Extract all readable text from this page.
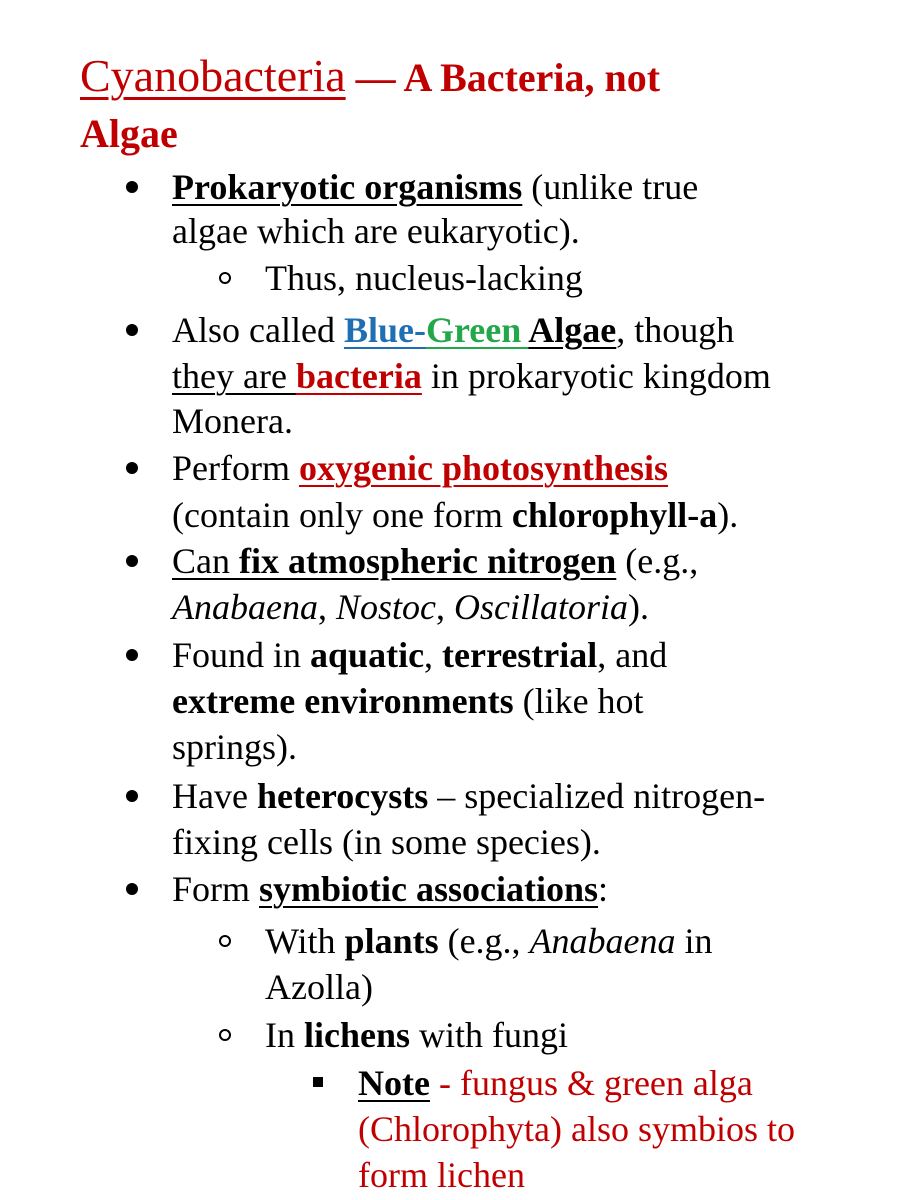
Cyanobacteria — A Bacteria, not
Algae
Prokaryotic organisms (unlike true
algae which are eukaryotic).
Thus, nucleus-lacking
Also called Blue-Green Algae, though
they are bacteria in prokaryotic kingdom
Monera.
Perform oxygenic photosynthesis
(contain only one form chlorophyll-a).
Can fix atmospheric nitrogen (e.g.,
Anabaena, Nostoc, Oscillatoria).
Found in aquatic, terrestrial, and
extreme environments (like hot
springs).
Have heterocysts – specialized nitrogen-
fixing cells (in some species).
Form symbiotic associations:
With plants (e.g., Anabaena in
Azolla)
In lichens with fungi
Note - fungus & green alga
(Chlorophyta) also symbios to
form lichen
